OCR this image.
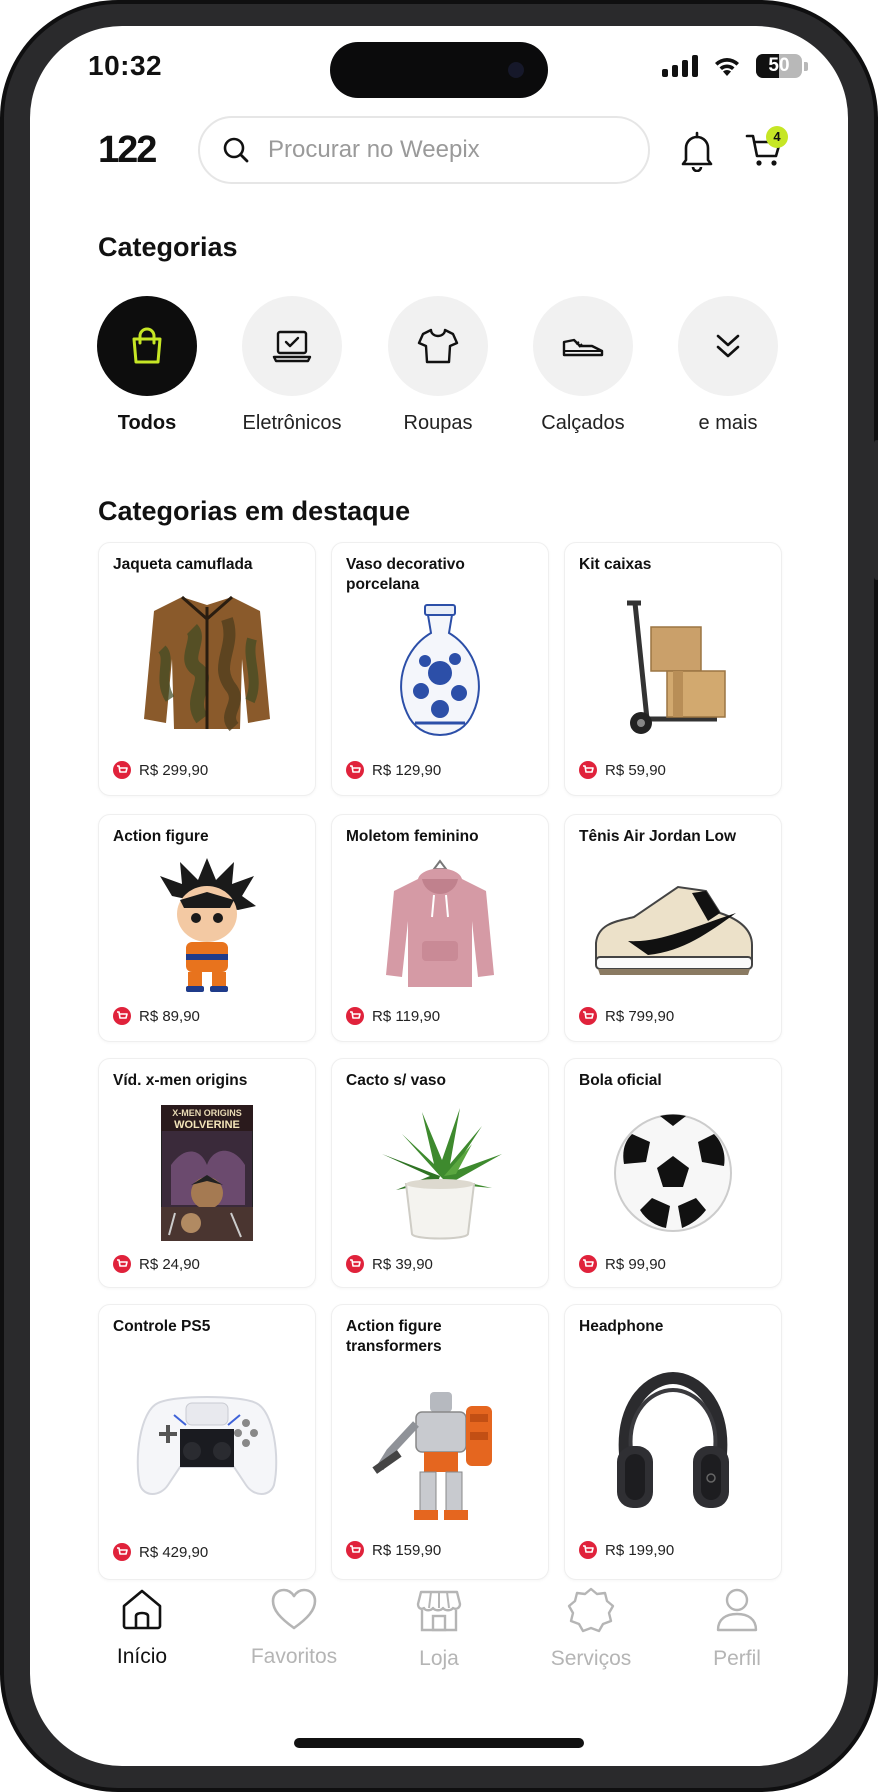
10:32	50
122
Procurar no Weepix	4
Categorias
Todos	Eletrônicos	Roupas	Calçados	e mais
Categorias em destaque
Jaqueta camuflada
R$ 299,90
Vaso decorativo porcelana
R$ 129,90
Kit caixas
R$ 59,90
Action figure
R$ 89,90
Moletom feminino
R$ 119,90
Tênis Air Jordan Low
R$ 799,90
Víd. x-men origins
X-MEN ORIGINS
WOLVERINE
R$ 24,90
Cacto s/ vaso
R$ 39,90
Bola oficial
R$ 99,90
Controle PS5
R$ 429,90
Action figure transformers
R$ 159,90
Headphone
R$ 199,90
Início	Favoritos	Loja	Serviços	Perfil
